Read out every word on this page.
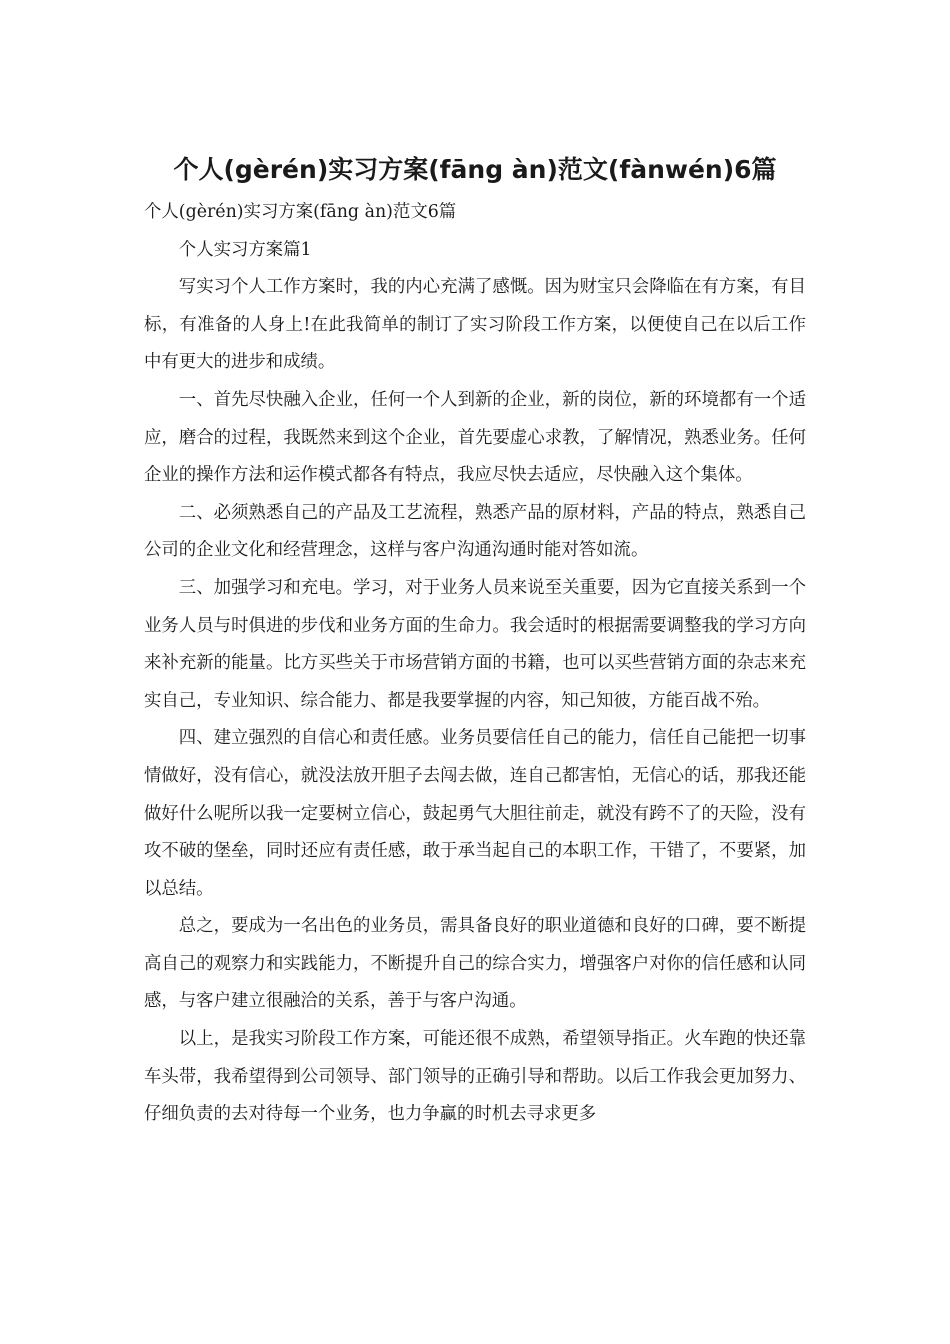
个人(gèrén)实习方案(fāng àn)范文(fànwén)6篇

个人(gèrén)实习方案(fāng àn)范文6篇

个人实习方案篇1

写实习个人工作方案时，我的内心充满了感慨。因为财宝只会降临在有方案，有目标，有准备的人身上!在此我简单的制订了实习阶段工作方案，以便使自己在以后工作中有更大的进步和成绩。

一、首先尽快融入企业，任何一个人到新的企业，新的岗位，新的环境都有一个适应，磨合的过程，我既然来到这个企业，首先要虚心求教，了解情况，熟悉业务。任何企业的操作方法和运作模式都各有特点，我应尽快去适应，尽快融入这个集体。

二、必须熟悉自己的产品及工艺流程，熟悉产品的原材料，产品的特点，熟悉自己公司的企业文化和经营理念，这样与客户沟通沟通时能对答如流。

三、加强学习和充电。学习，对于业务人员来说至关重要，因为它直接关系到一个业务人员与时俱进的步伐和业务方面的生命力。我会适时的根据需要调整我的学习方向来补充新的能量。比方买些关于市场营销方面的书籍，也可以买些营销方面的杂志来充实自己，专业知识、综合能力、都是我要掌握的内容，知己知彼，方能百战不殆。

四、建立强烈的自信心和责任感。业务员要信任自己的能力，信任自己能把一切事情做好，没有信心，就没法放开胆子去闯去做，连自己都害怕，无信心的话，那我还能做好什么呢所以我一定要树立信心，鼓起勇气大胆往前走，就没有跨不了的天险，没有攻不破的堡垒，同时还应有责任感，敢于承当起自己的本职工作，干错了，不要紧，加以总结。

总之，要成为一名出色的业务员，需具备良好的职业道德和良好的口碑，要不断提高自己的观察力和实践能力，不断提升自己的综合实力，增强客户对你的信任感和认同感，与客户建立很融洽的关系，善于与客户沟通。

以上，是我实习阶段工作方案，可能还很不成熟，希望领导指正。火车跑的快还靠车头带，我希望得到公司领导、部门领导的正确引导和帮助。以后工作我会更加努力、仔细负责的去对待每一个业务，也力争赢的时机去寻求更多
